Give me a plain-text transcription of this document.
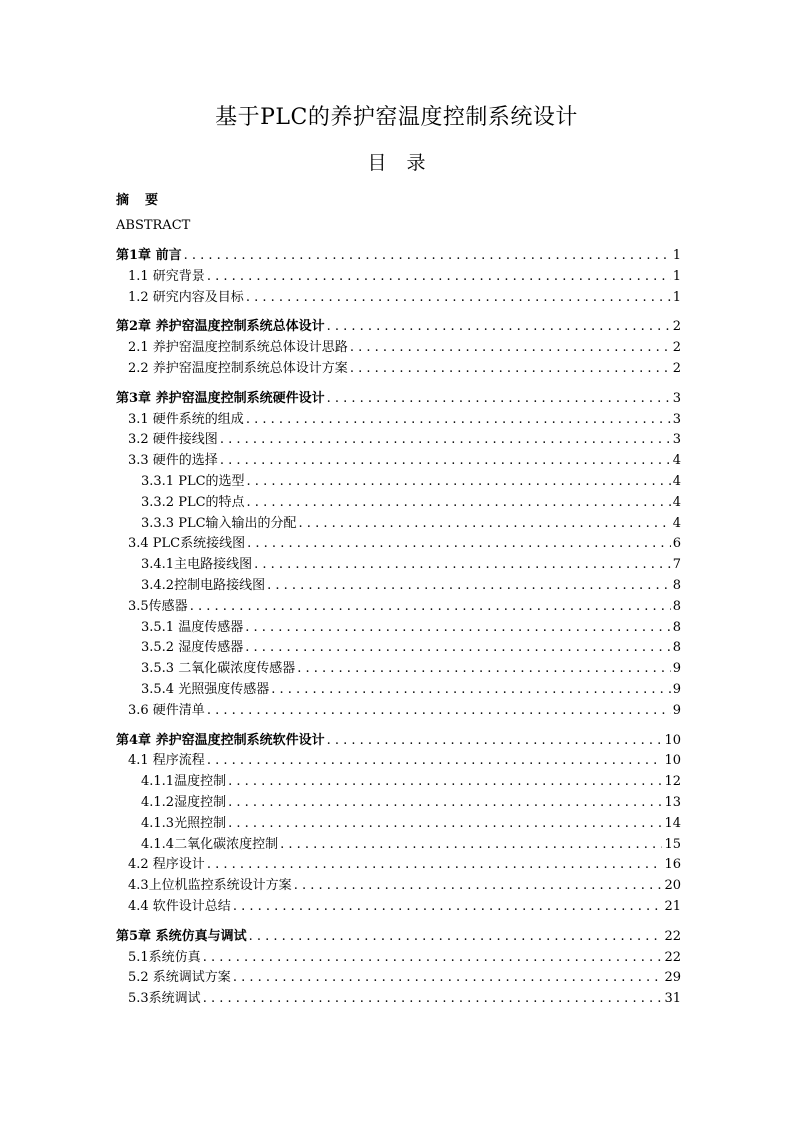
基于PLC的养护窑温度控制系统设计
目录
摘 要
ABSTRACT
第1章 前言 . . .	1
1.1 研究背景 . . .	1
1.2 研究内容及目标 . . .	1
第2章 养护窑温度控制系统总体设计 . . .	2
2.1 养护窑温度控制系统总体设计思路 . . .	2
2.2 养护窑温度控制系统总体设计方案 . . .	2
第3章 养护窑温度控制系统硬件设计 . . .	3
3.1 硬件系统的组成 . . .	3
3.2 硬件接线图 . . .	3
3.3 硬件的选择 . . .	4
3.3.1 PLC的选型 . . .	4
3.3.2 PLC的特点 . . .	4
3.3.3 PLC输入输出的分配 . . .	4
3.4 PLC系统接线图 . . .	6
3.4.1主电路接线图 . . .	7
3.4.2控制电路接线图 . . .	8
3.5传感器 . . .	8
3.5.1 温度传感器 . . .	8
3.5.2 湿度传感器 . . .	8
3.5.3 二氧化碳浓度传感器 . . .	9
3.5.4 光照强度传感器 . . .	9
3.6 硬件清单 . . .	9
第4章 养护窑温度控制系统软件设计 . . .	10
4.1 程序流程 . . .	10
4.1.1温度控制 . . .	12
4.1.2湿度控制 . . .	13
4.1.3光照控制 . . .	14
4.1.4二氧化碳浓度控制 . . .	15
4.2 程序设计 . . .	16
4.3上位机监控系统设计方案 . . .	20
4.4 软件设计总结 . . .	21
第5章 系统仿真与调试 . . .	22
5.1系统仿真 . . .	22
5.2 系统调试方案 . . .	29
5.3系统调试 . . .	31
